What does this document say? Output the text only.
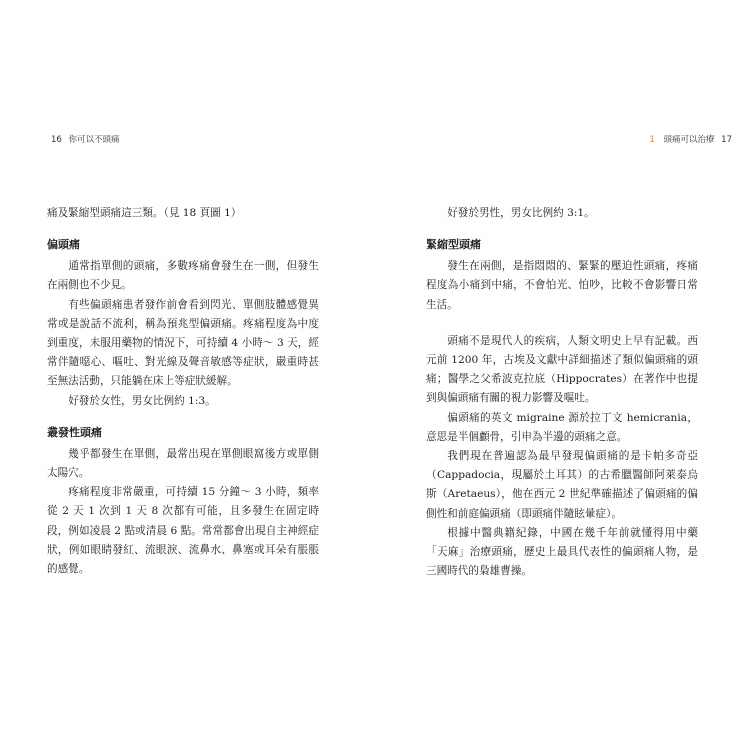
16 你可以不頭痛

痛及緊縮型頭痛這三類。（見 18 頁圖 1）

偏頭痛

通常指單側的頭痛，多數疼痛會發生在一側，但發生在兩側也不少見。

有些偏頭痛患者發作前會看到閃光、單側肢體感覺異常或是說話不流利，稱為預兆型偏頭痛。疼痛程度為中度到重度，未服用藥物的情況下，可持續 4 小時～ 3 天，經常伴隨噁心、嘔吐、對光線及聲音敏感等症狀，嚴重時甚至無法活動，只能躺在床上等症狀緩解。

好發於女性，男女比例約 1:3。

叢發性頭痛

幾乎都發生在單側，最常出現在單側眼窩後方或單側太陽穴。

疼痛程度非常嚴重，可持續 15 分鐘～ 3 小時，頻率從 2 天 1 次到 1 天 8 次都有可能，且多發生在固定時段，例如凌晨 2 點或清晨 6 點。常常都會出現自主神經症狀，例如眼睛發紅、流眼淚、流鼻水、鼻塞或耳朵有脹脹的感覺。

1 頭痛可以治療 17

好發於男性，男女比例約 3:1。

緊縮型頭痛

發生在兩側，是指悶悶的、緊緊的壓迫性頭痛，疼痛程度為小痛到中痛，不會怕光、怕吵，比較不會影響日常生活。

頭痛不是現代人的疾病，人類文明史上早有記載。西元前 1200 年，古埃及文獻中詳細描述了類似偏頭痛的頭痛；醫學之父希波克拉底（Hippocrates）在著作中也提到與偏頭痛有關的視力影響及嘔吐。

偏頭痛的英文 migraine 源於拉丁文 hemicrania，意思是半個顱骨，引申為半邊的頭痛之意。

我們現在普遍認為最早發現偏頭痛的是卡帕多奇亞（Cappadocia，現屬於土耳其）的古希臘醫師阿萊泰烏斯（Aretaeus），他在西元 2 世紀準確描述了偏頭痛的偏側性和前庭偏頭痛（即頭痛伴隨眩暈症）。

根據中醫典籍紀錄，中國在幾千年前就懂得用中藥「天麻」治療頭痛，歷史上最具代表性的偏頭痛人物，是三國時代的梟雄曹操。
